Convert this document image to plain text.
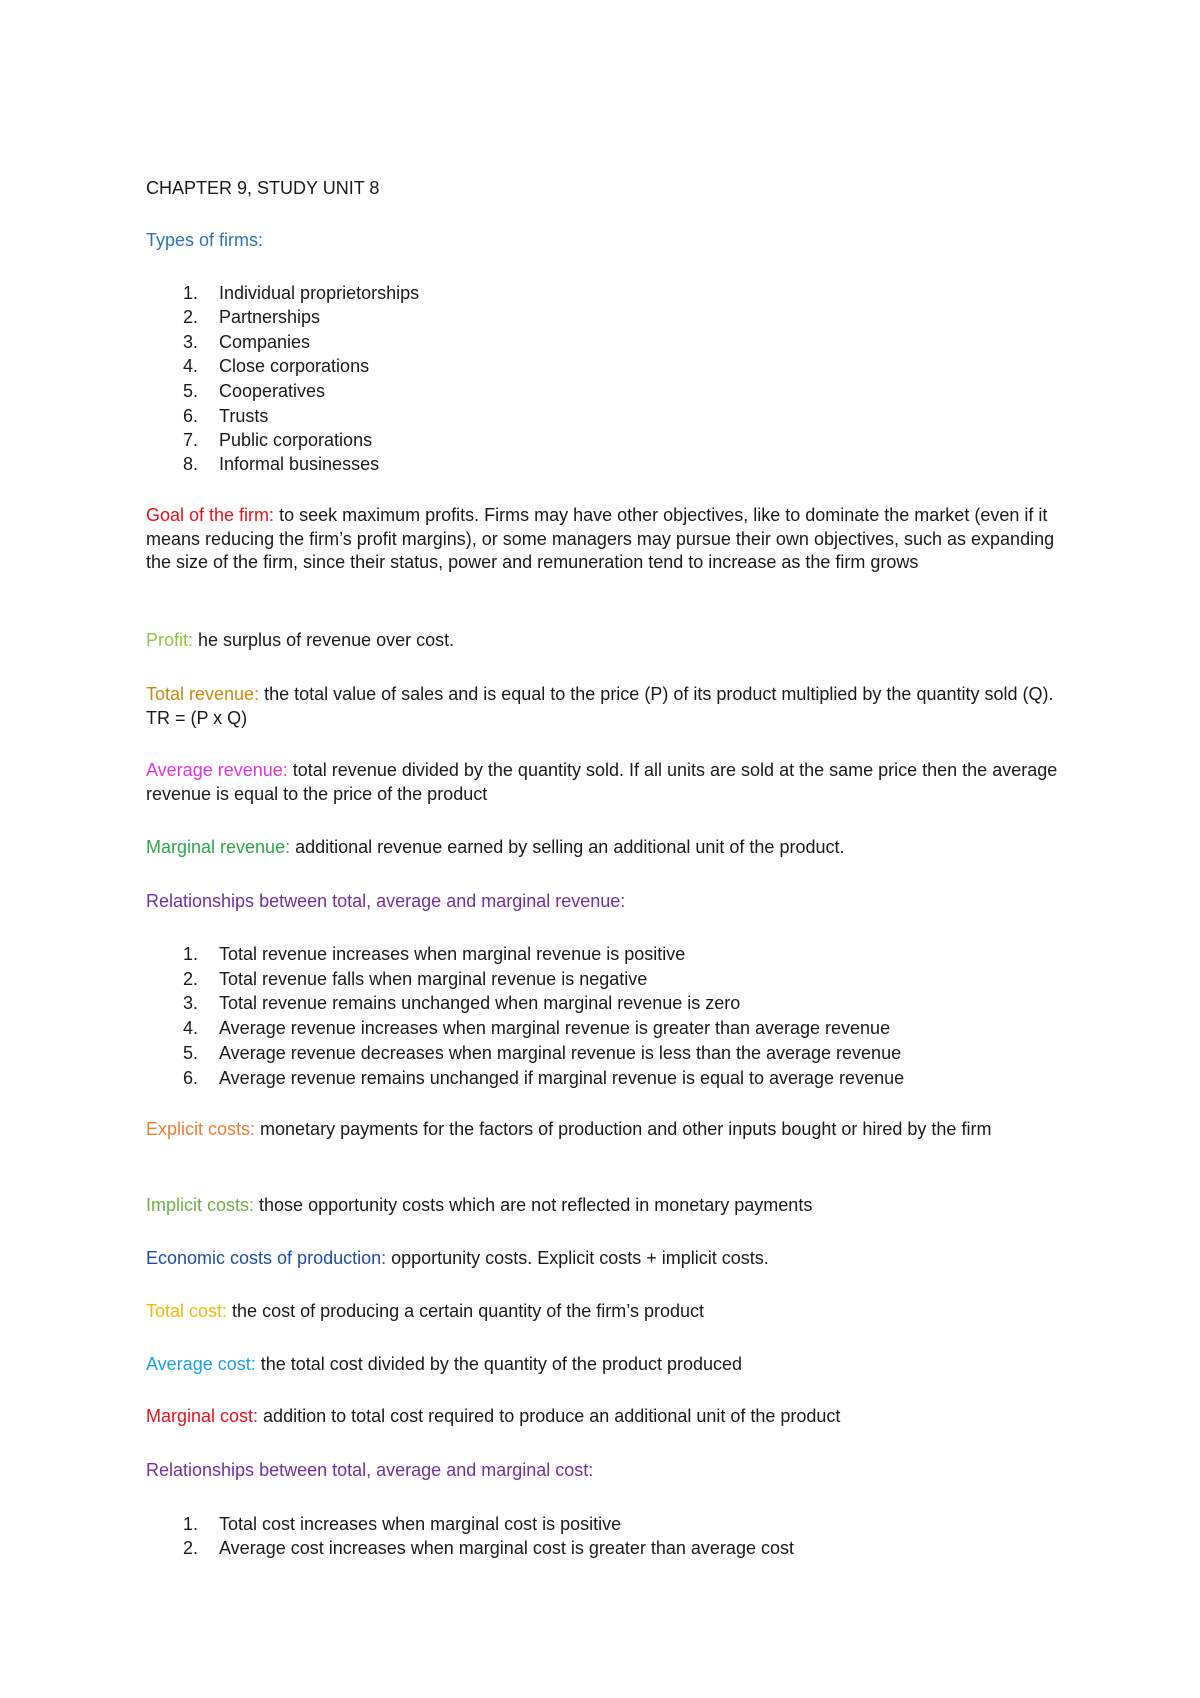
CHAPTER 9, STUDY UNIT 8
Types of firms:
1. Individual proprietorships
2. Partnerships
3. Companies
4. Close corporations
5. Cooperatives
6. Trusts
7. Public corporations
8. Informal businesses
Goal of the firm: to seek maximum profits. Firms may have other objectives, like to dominate the market (even if it means reducing the firm’s profit margins), or some managers may pursue their own objectives, such as expanding the size of the firm, since their status, power and remuneration tend to increase as the firm grows
Profit: he surplus of revenue over cost.
Total revenue: the total value of sales and is equal to the price (P) of its product multiplied by the quantity sold (Q). TR = (P x Q)
Average revenue: total revenue divided by the quantity sold. If all units are sold at the same price then the average revenue is equal to the price of the product
Marginal revenue: additional revenue earned by selling an additional unit of the product.
Relationships between total, average and marginal revenue:
1. Total revenue increases when marginal revenue is positive
2. Total revenue falls when marginal revenue is negative
3. Total revenue remains unchanged when marginal revenue is zero
4. Average revenue increases when marginal revenue is greater than average revenue
5. Average revenue decreases when marginal revenue is less than the average revenue
6. Average revenue remains unchanged if marginal revenue is equal to average revenue
Explicit costs: monetary payments for the factors of production and other inputs bought or hired by the firm
Implicit costs: those opportunity costs which are not reflected in monetary payments
Economic costs of production: opportunity costs. Explicit costs + implicit costs.
Total cost: the cost of producing a certain quantity of the firm’s product
Average cost: the total cost divided by the quantity of the product produced
Marginal cost: addition to total cost required to produce an additional unit of the product
Relationships between total, average and marginal cost:
1. Total cost increases when marginal cost is positive
2. Average cost increases when marginal cost is greater than average cost
